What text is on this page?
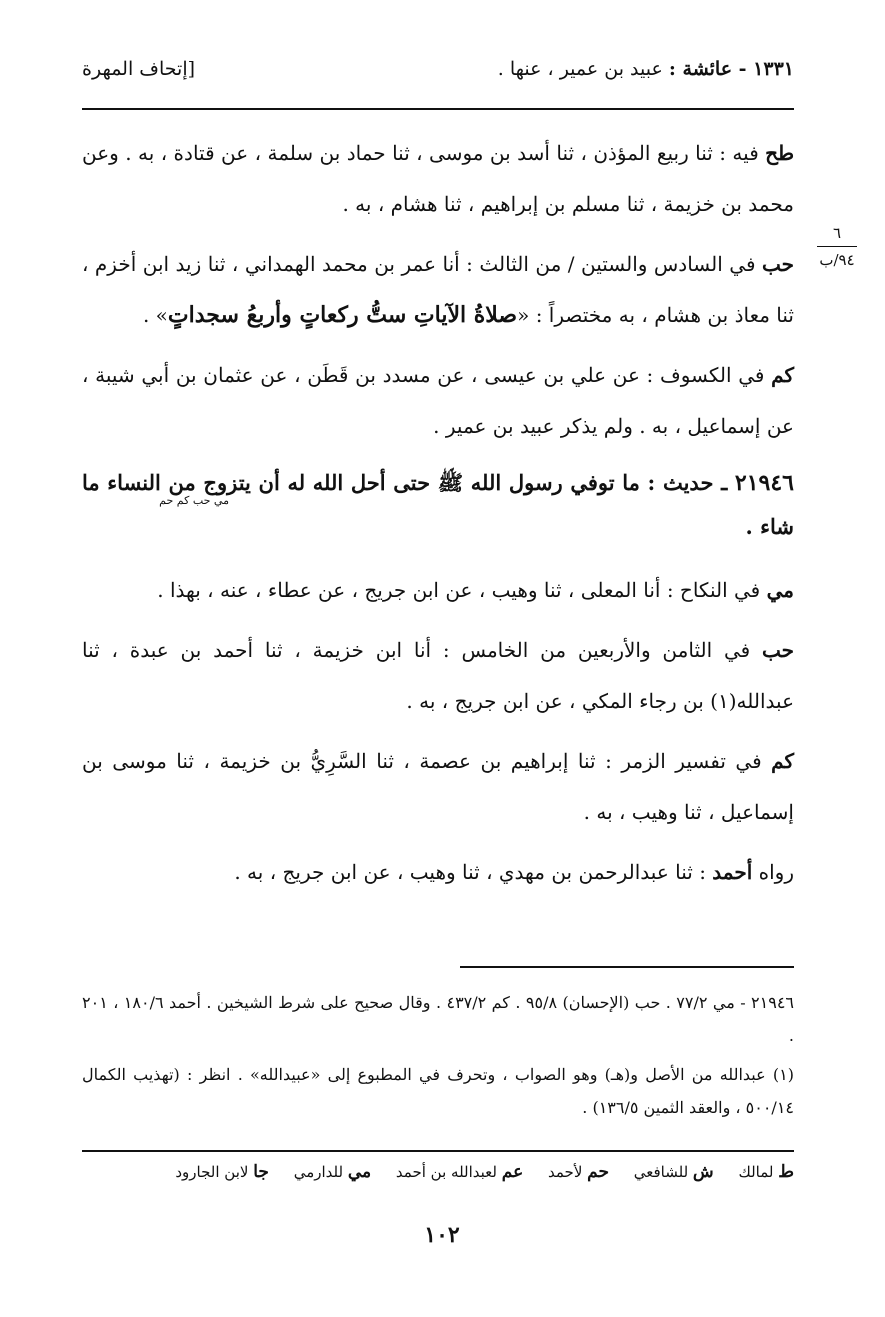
١٣٣١ - عائشة : عبيد بن عمير ، عنها .
[إتحاف المهرة
٦
٩٤/ب

طح فيه : ثنا ربيع المؤذن ، ثنا أسد بن موسى ، ثنا حماد بن سلمة ، عن قتادة ، به . وعن محمد بن خزيمة ، ثنا مسلم بن إبراهيم ، ثنا هشام ، به .

حب في السادس والستين / من الثالث : أنا عمر بن محمد الهمداني ، ثنا زيد ابن أخزم ، ثنا معاذ بن هشام ، به مختصراً : «صلاةُ الآياتِ ستُّ ركعاتٍ وأربعُ سجداتٍ» .

كم في الكسوف : عن علي بن عيسى ، عن مسدد بن قَطَن ، عن عثمان بن أبي شيبة ، عن إسماعيل ، به . ولم يذكر عبيد بن عمير .

٢١٩٤٦ ـ حديث : ما توفي رسول الله ﷺ حتى أحل الله له أن يتزوج من النساء ما شاء .
مي حب كم حم

مي في النكاح : أنا المعلى ، ثنا وهيب ، عن ابن جريج ، عن عطاء ، عنه ، بهذا .

حب في الثامن والأربعين من الخامس : أنا ابن خزيمة ، ثنا أحمد بن عبدة ، ثنا عبدالله(١) بن رجاء المكي ، عن ابن جريج ، به .

كم في تفسير الزمر : ثنا إبراهيم بن عصمة ، ثنا السَّرِيُّ بن خزيمة ، ثنا موسى بن إسماعيل ، ثنا وهيب ، به .

رواه أحمد : ثنا عبدالرحمن بن مهدي ، ثنا وهيب ، عن ابن جريج ، به .

٢١٩٤٦ - مي ٧٧/٢ . حب (الإحسان) ٩٥/٨ . كم ٤٣٧/٢ . وقال صحيح على شرط الشيخين . أحمد ١٨٠/٦ ، ٢٠١ .

(١) عبدالله من الأصل و(هـ) وهو الصواب ، وتحرف في المطبوع إلى «عبيدالله» . انظر : (تهذيب الكمال ٥٠٠/١٤ ، والعقد الثمين ١٣٦/٥) .

ط لمالك ش للشافعي حم لأحمد عم لعبدالله بن أحمد مي للدارمي جا لابن الجارود
١٠٢
